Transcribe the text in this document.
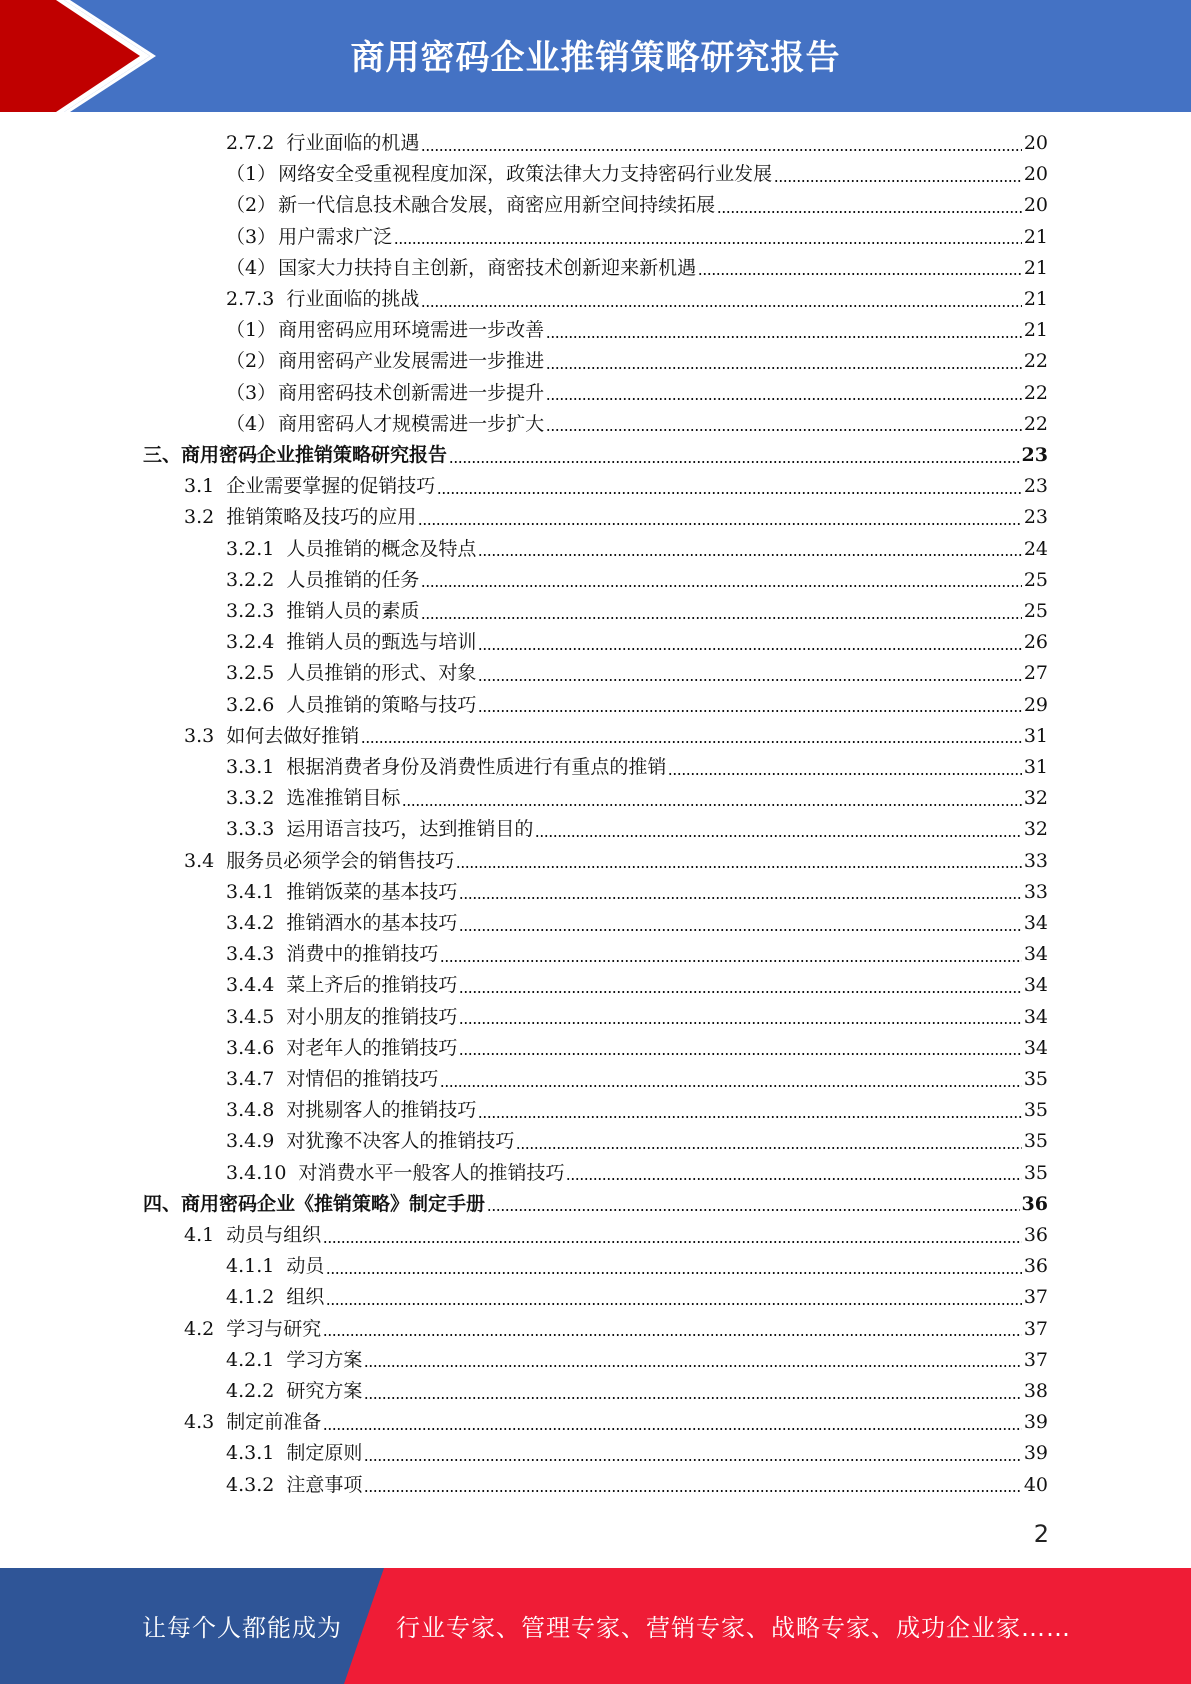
商用密码企业推销策略研究报告
2.7.2 行业面临的机遇	20
（1） 网络安全受重视程度加深，政策法律大力支持密码行业发展	20
（2） 新一代信息技术融合发展，商密应用新空间持续拓展	20
（3） 用户需求广泛	21
（4） 国家大力扶持自主创新，商密技术创新迎来新机遇	21
2.7.3 行业面临的挑战	21
（1） 商用密码应用环境需进一步改善	21
（2） 商用密码产业发展需进一步推进	22
（3） 商用密码技术创新需进一步提升	22
（4） 商用密码人才规模需进一步扩大	22
三、商用密码企业推销策略研究报告	23
3.1 企业需要掌握的促销技巧	23
3.2 推销策略及技巧的应用	23
3.2.1 人员推销的概念及特点	24
3.2.2 人员推销的任务	25
3.2.3 推销人员的素质	25
3.2.4 推销人员的甄选与培训	26
3.2.5 人员推销的形式、对象	27
3.2.6 人员推销的策略与技巧	29
3.3 如何去做好推销	31
3.3.1 根据消费者身份及消费性质进行有重点的推销	31
3.3.2 选准推销目标	32
3.3.3 运用语言技巧，达到推销目的	32
3.4 服务员必须学会的销售技巧	33
3.4.1 推销饭菜的基本技巧	33
3.4.2 推销酒水的基本技巧	34
3.4.3 消费中的推销技巧	34
3.4.4 菜上齐后的推销技巧	34
3.4.5 对小朋友的推销技巧	34
3.4.6 对老年人的推销技巧	34
3.4.7 对情侣的推销技巧	35
3.4.8 对挑剔客人的推销技巧	35
3.4.9 对犹豫不决客人的推销技巧	35
3.4.10 对消费水平一般客人的推销技巧	35
四、商用密码企业《推销策略》制定手册	36
4.1 动员与组织	36
4.1.1 动员	36
4.1.2 组织	37
4.2 学习与研究	37
4.2.1 学习方案	37
4.2.2 研究方案	38
4.3 制定前准备	39
4.3.1 制定原则	39
4.3.2 注意事项	40
2
让每个人都能成为 行业专家、管理专家、营销专家、战略专家、成功企业家……
